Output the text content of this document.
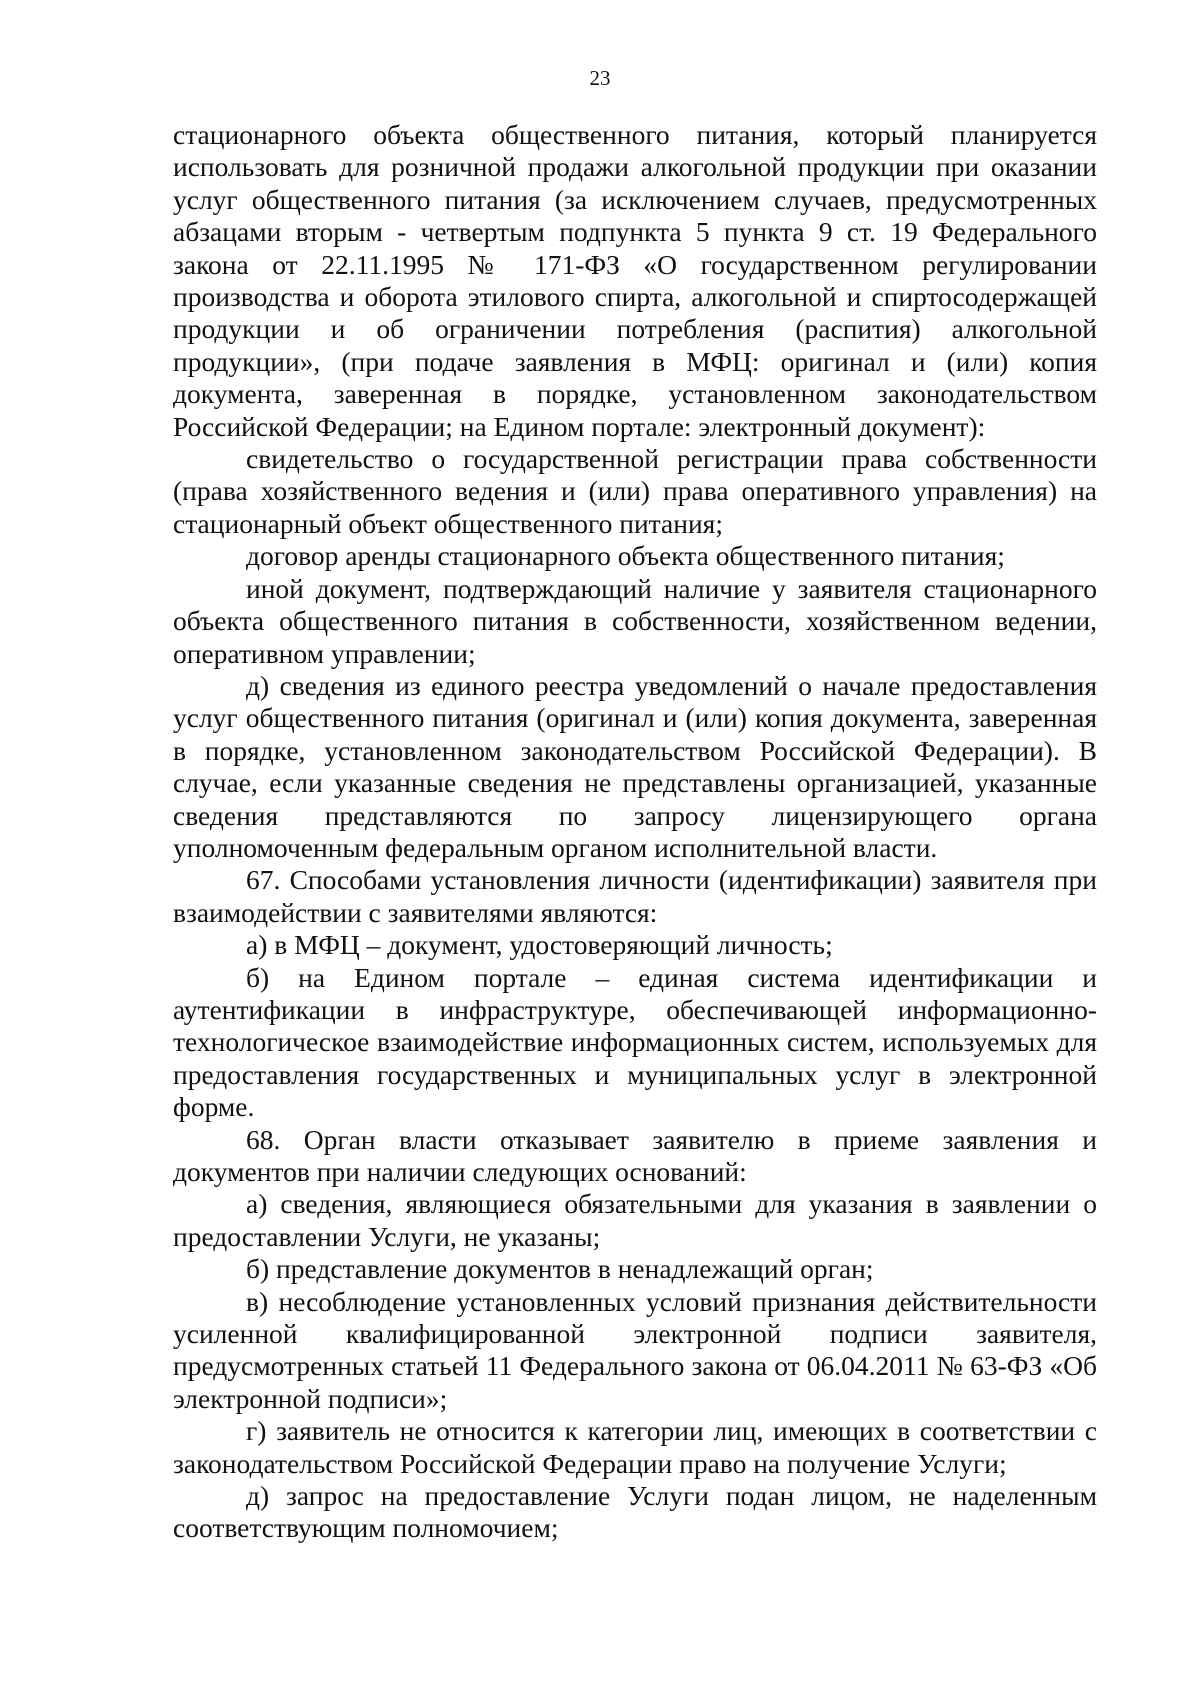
23

стационарного объекта общественного питания, который планируется использовать для розничной продажи алкогольной продукции при оказании услуг общественного питания (за исключением случаев, предусмотренных абзацами вторым - четвертым подпункта 5 пункта 9 ст. 19 Федерального закона от 22.11.1995 № 171-ФЗ «О государственном регулировании производства и оборота этилового спирта, алкогольной и спиртосодержащей продукции и об ограничении потребления (распития) алкогольной продукции», (при подаче заявления в МФЦ: оригинал и (или) копия документа, заверенная в порядке, установленном законодательством Российской Федерации; на Едином портале: электронный документ):

свидетельство о государственной регистрации права собственности (права хозяйственного ведения и (или) права оперативного управления) на стационарный объект общественного питания;

договор аренды стационарного объекта общественного питания;

иной документ, подтверждающий наличие у заявителя стационарного объекта общественного питания в собственности, хозяйственном ведении, оперативном управлении;

д) сведения из единого реестра уведомлений о начале предоставления услуг общественного питания (оригинал и (или) копия документа, заверенная в порядке, установленном законодательством Российской Федерации). В случае, если указанные сведения не представлены организацией, указанные сведения представляются по запросу лицензирующего органа уполномоченным федеральным органом исполнительной власти.

67. Способами установления личности (идентификации) заявителя при взаимодействии с заявителями являются:

а) в МФЦ – документ, удостоверяющий личность;

б) на Едином портале – единая система идентификации и аутентификации в инфраструктуре, обеспечивающей информационно-технологическое взаимодействие информационных систем, используемых для предоставления государственных и муниципальных услуг в электронной форме.

68. Орган власти отказывает заявителю в приеме заявления и документов при наличии следующих оснований:

а) сведения, являющиеся обязательными для указания в заявлении о предоставлении Услуги, не указаны;

б) представление документов в ненадлежащий орган;

в) несоблюдение установленных условий признания действительности усиленной квалифицированной электронной подписи заявителя, предусмотренных статьей 11 Федерального закона от 06.04.2011 № 63-ФЗ «Об электронной подписи»;

г) заявитель не относится к категории лиц, имеющих в соответствии с законодательством Российской Федерации право на получение Услуги;

д) запрос на предоставление Услуги подан лицом, не наделенным соответствующим полномочием;
